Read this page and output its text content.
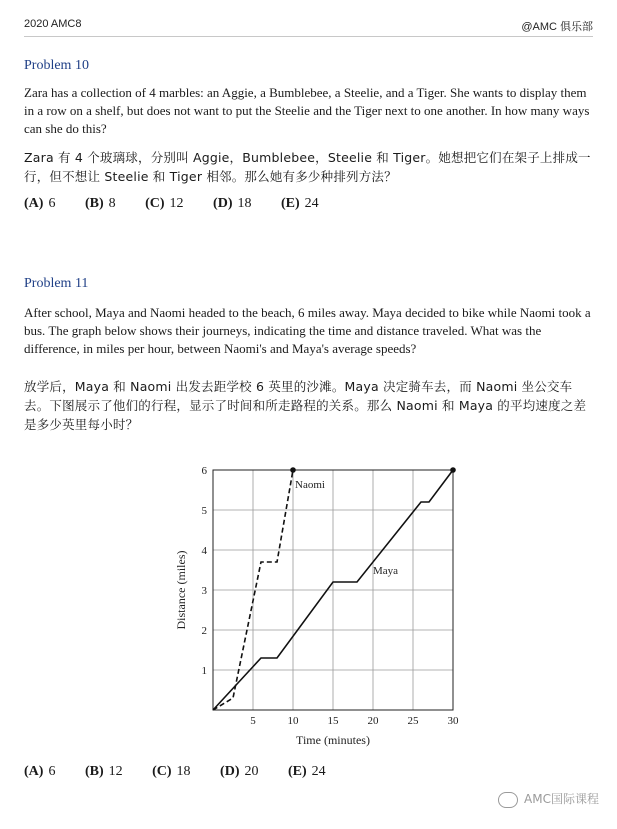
2020 AMC8	@AMC 俱乐部
Problem 10
Zara has a collection of 4 marbles: an Aggie, a Bumblebee, a Steelie, and a Tiger. She wants to display them in a row on a shelf, but does not want to put the Steelie and the Tiger next to one another. In how many ways can she do this?
Zara 有 4 个玻璃球，分别叫 Aggie，Bumblebee，Steelie 和 Tiger。她想把它们在架子上排成一行，但不想让 Steelie 和 Tiger 相邻。那么她有多少种排列方法？
(A) 6 (B) 8 (C) 12 (D) 18 (E) 24
Problem 11
After school, Maya and Naomi headed to the beach, 6 miles away. Maya decided to bike while Naomi took a bus. The graph below shows their journeys, indicating the time and distance traveled. What was the difference, in miles per hour, between Naomi's and Maya's average speeds?
放学后，Maya 和 Naomi 出发去距学校 6 英里的沙滩。Maya 决定骑车去，而 Naomi 坐公交车去。下图展示了他们的行程，显示了时间和所走路程的关系。那么 Naomi 和 Maya 的平均速度之差是多少英里每小时？
5	10	15	20	25	30
1
2
3
4
5
6
Time (minutes)
Distance (miles)
Naomi
Maya
(A) 6 (B) 12 (C) 18 (D) 20 (E) 24
AMC国际课程
